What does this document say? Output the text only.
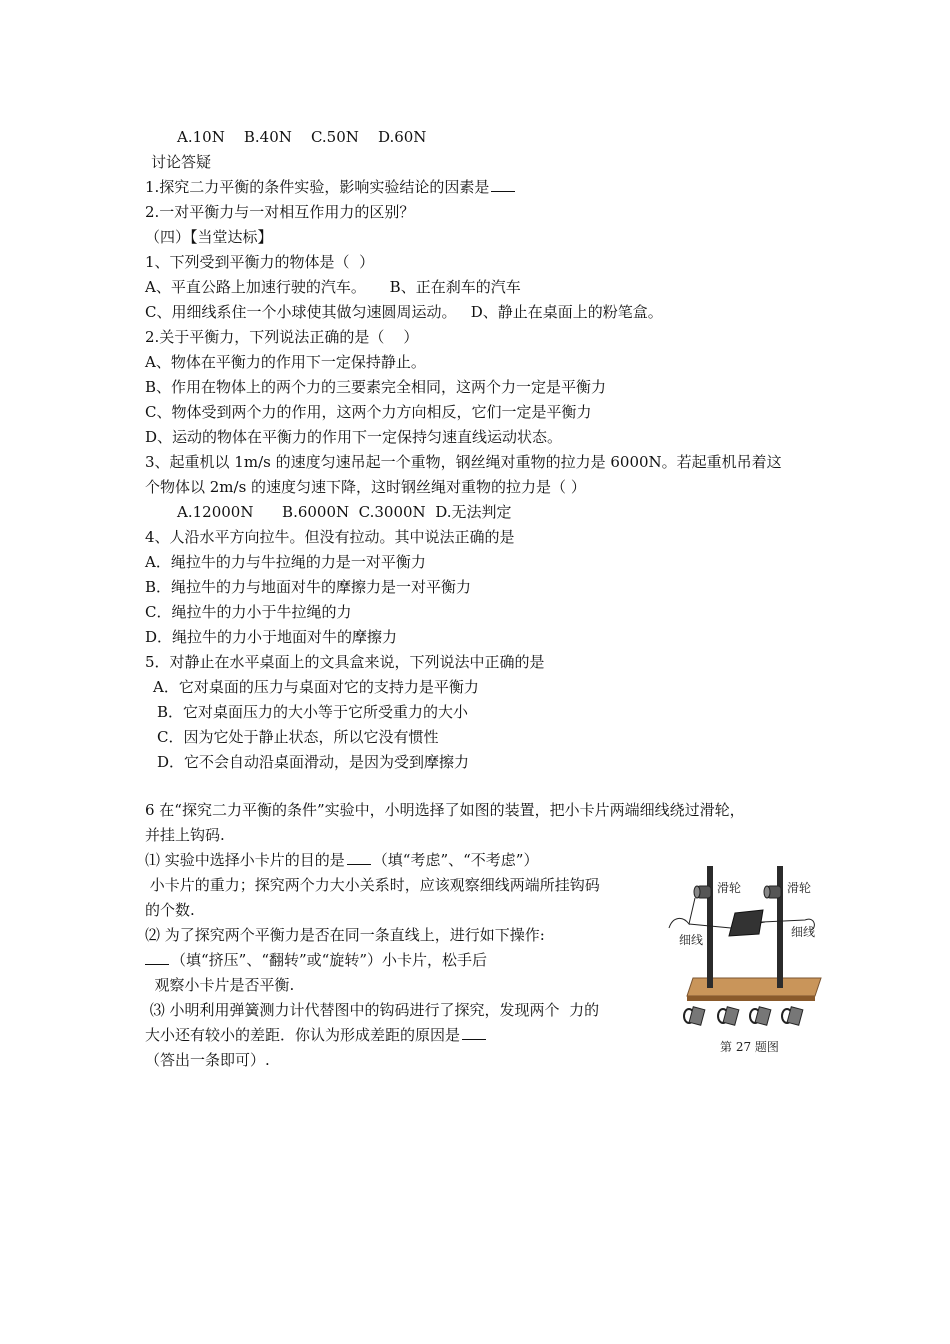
A.10N    B.40N    C.50N    D.60N
讨论答疑
1.探究二力平衡的条件实验，影响实验结论的因素是
2.一对平衡力与一对相互作用力的区别？
（四）【当堂达标】
1、下列受到平衡力的物体是（  ）
A、平直公路上加速行驶的汽车。     B、正在刹车的汽车
C、用细线系住一个小球使其做匀速圆周运动。   D、静止在桌面上的粉笔盒。
2.关于平衡力，下列说法正确的是（    ）
A、物体在平衡力的作用下一定保持静止。
B、作用在物体上的两个力的三要素完全相同，这两个力一定是平衡力
C、物体受到两个力的作用，这两个力方向相反，它们一定是平衡力
D、运动的物体在平衡力的作用下一定保持匀速直线运动状态。
3、起重机以 1m/s 的速度匀速吊起一个重物，钢丝绳对重物的拉力是 6000N。若起重机吊着这
个物体以 2m/s 的速度匀速下降，这时钢丝绳对重物的拉力是（ ）
A.12000N      B.6000N  C.3000N  D.无法判定
4、人沿水平方向拉牛。但没有拉动。其中说法正确的是
A．绳拉牛的力与牛拉绳的力是一对平衡力
B．绳拉牛的力与地面对牛的摩擦力是一对平衡力
C．绳拉牛的力小于牛拉绳的力
D．绳拉牛的力小于地面对牛的摩擦力
5．对静止在水平桌面上的文具盒来说，下列说法中正确的是
A．它对桌面的压力与桌面对它的支持力是平衡力
B．它对桌面压力的大小等于它所受重力的大小
C．因为它处于静止状态，所以它没有惯性
D．它不会自动沿桌面滑动，是因为受到摩擦力
6 在“探究二力平衡的条件”实验中，小明选择了如图的装置，把小卡片两端细线绕过滑轮，
并挂上钩码.
⑴ 实验中选择小卡片的目的是 （填“考虑”、“不考虑”）
小卡片的重力；探究两个力大小关系时，应该观察细线两端所挂钩码
的个数.
⑵ 为了探究两个平衡力是否在同一条直线上，进行如下操作:
（填“挤压”、“翻转”或“旋转”）小卡片，松手后
观察小卡片是否平衡.
⑶ 小明利用弹簧测力计代替图中的钩码进行了探究，发现两个  力的
大小还有较小的差距．你认为形成差距的原因是
（答出一条即可）.
滑轮	滑轮
细线
细线
第 27 题图
